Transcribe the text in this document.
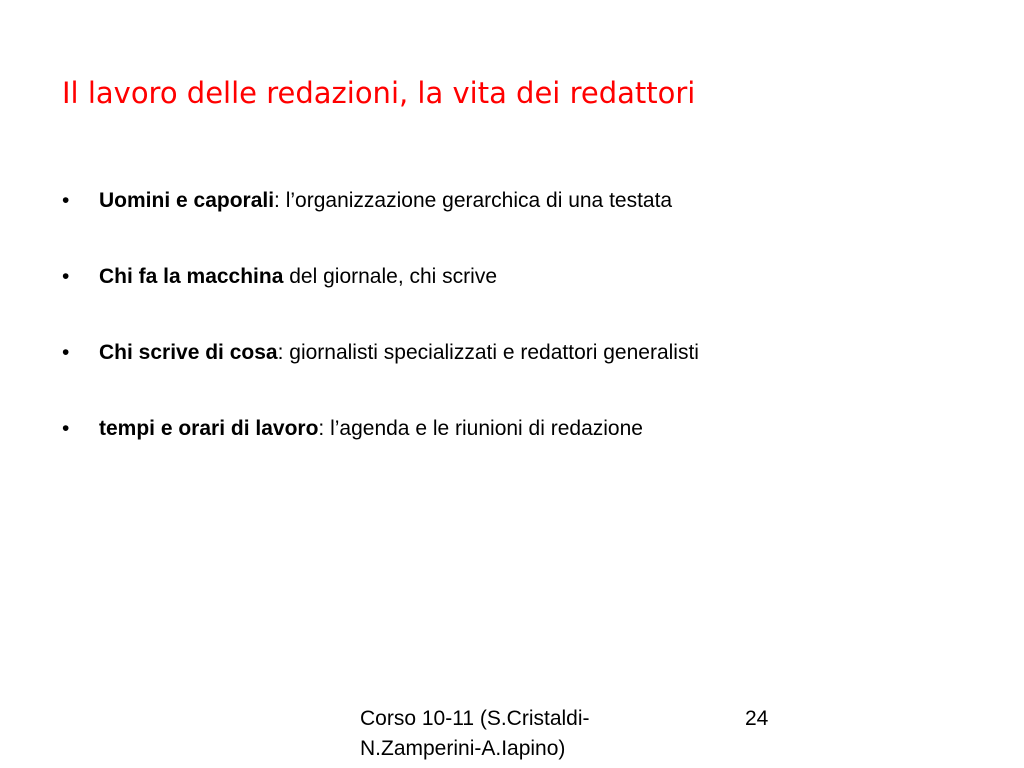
Il lavoro delle redazioni, la vita dei redattori
•	Uomini e caporali: l’organizzazione gerarchica di una testata
•	Chi fa la macchina del giornale, chi scrive
•	Chi scrive di cosa: giornalisti specializzati e redattori generalisti
•	tempi e orari di lavoro: l’agenda e le riunioni di redazione
Corso 10-11 (S.Cristaldi-
N.Zamperini-A.Iapino)
24
